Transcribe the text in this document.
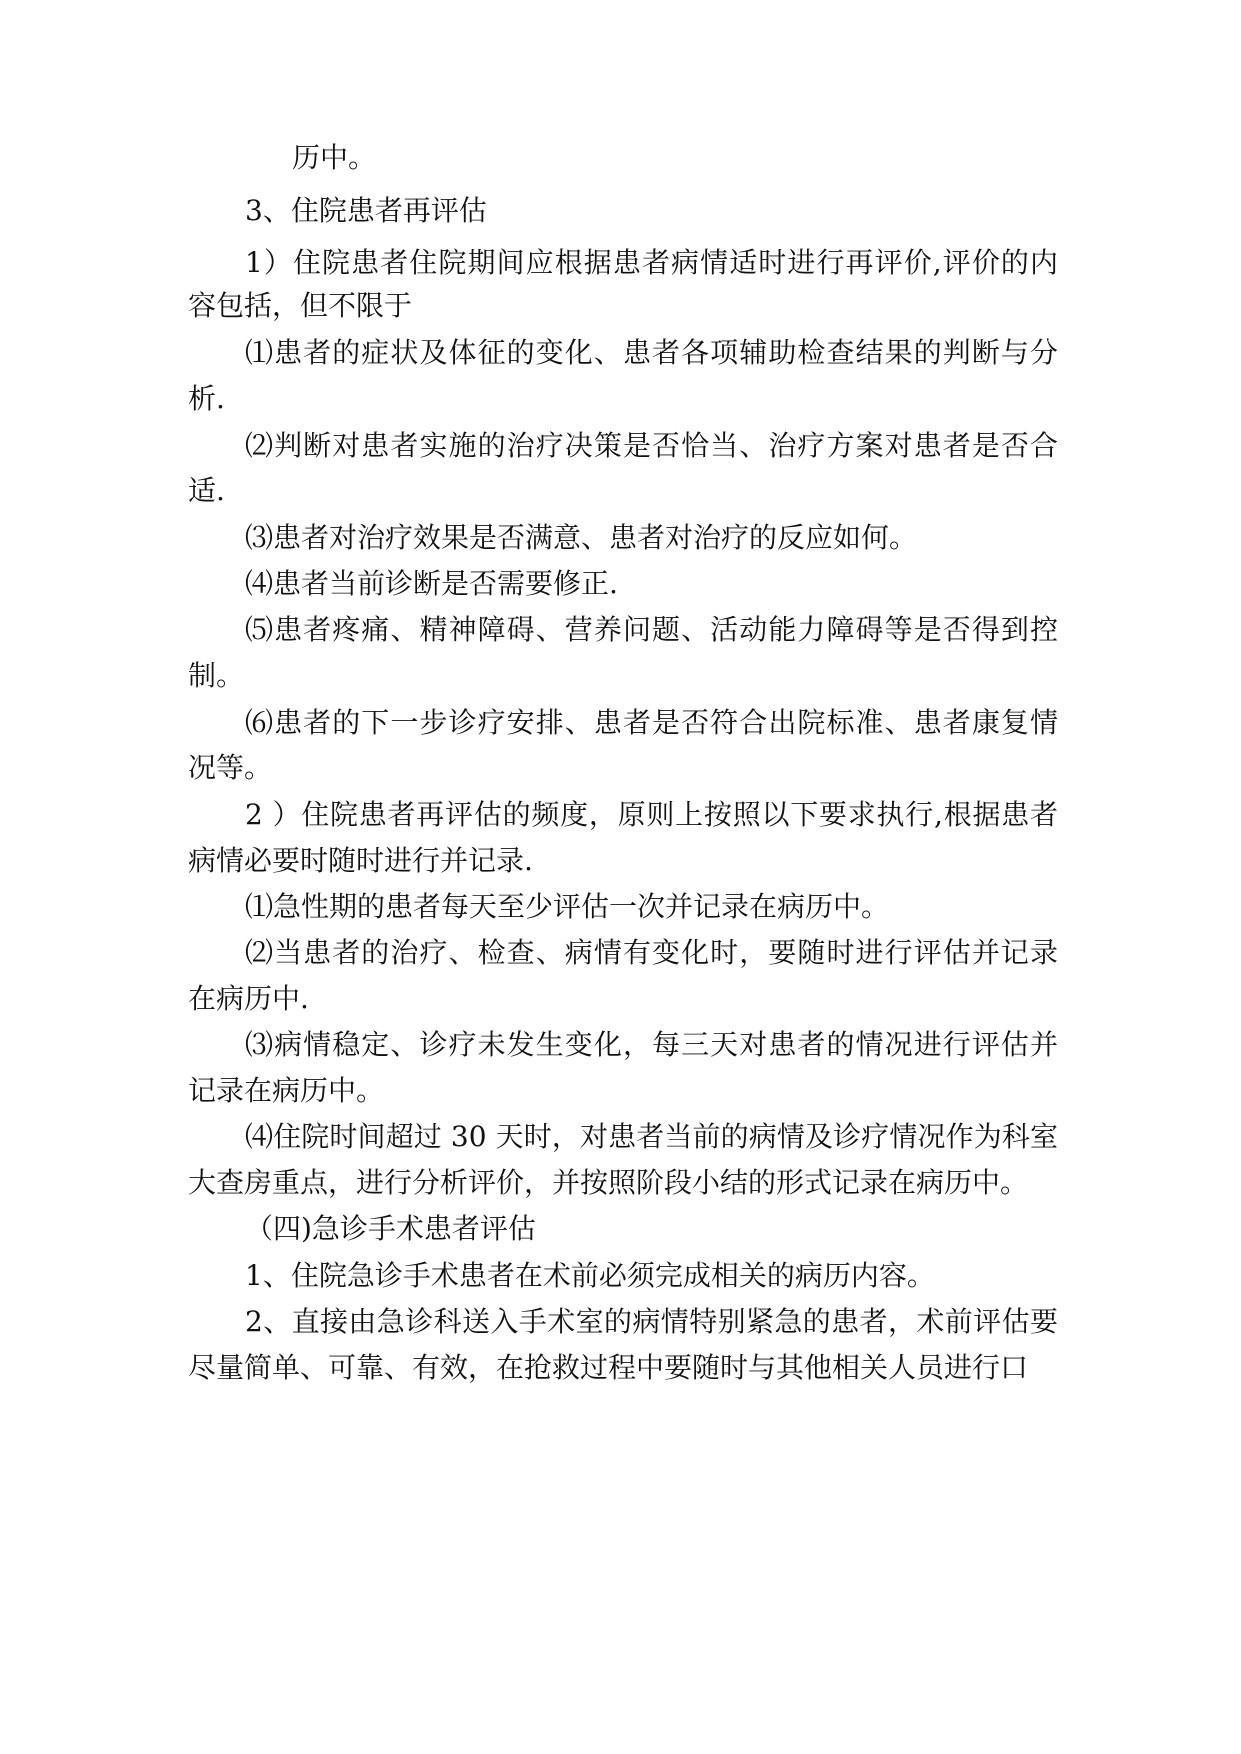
历中。
3、住院患者再评估
1）住院患者住院期间应根据患者病情适时进行再评价,评价的内
容包括，但不限于
⑴患者的症状及体征的变化、患者各项辅助检查结果的判断与分
析.
⑵判断对患者实施的治疗决策是否恰当、治疗方案对患者是否合
适.
⑶患者对治疗效果是否满意、患者对治疗的反应如何。
⑷患者当前诊断是否需要修正.
⑸患者疼痛、精神障碍、营养问题、活动能力障碍等是否得到控
制。
⑹患者的下一步诊疗安排、患者是否符合出院标准、患者康复情
况等。
2 ）住院患者再评估的频度，原则上按照以下要求执行,根据患者
病情必要时随时进行并记录.
⑴急性期的患者每天至少评估一次并记录在病历中。
⑵当患者的治疗、检查、病情有变化时，要随时进行评估并记录
在病历中.
⑶病情稳定、诊疗未发生变化，每三天对患者的情况进行评估并
记录在病历中。
⑷住院时间超过 30 天时，对患者当前的病情及诊疗情况作为科室
大查房重点，进行分析评价，并按照阶段小结的形式记录在病历中。
（四)急诊手术患者评估
1、住院急诊手术患者在术前必须完成相关的病历内容。
2、直接由急诊科送入手术室的病情特别紧急的患者，术前评估要
尽量简单、可靠、有效，在抢救过程中要随时与其他相关人员进行口
